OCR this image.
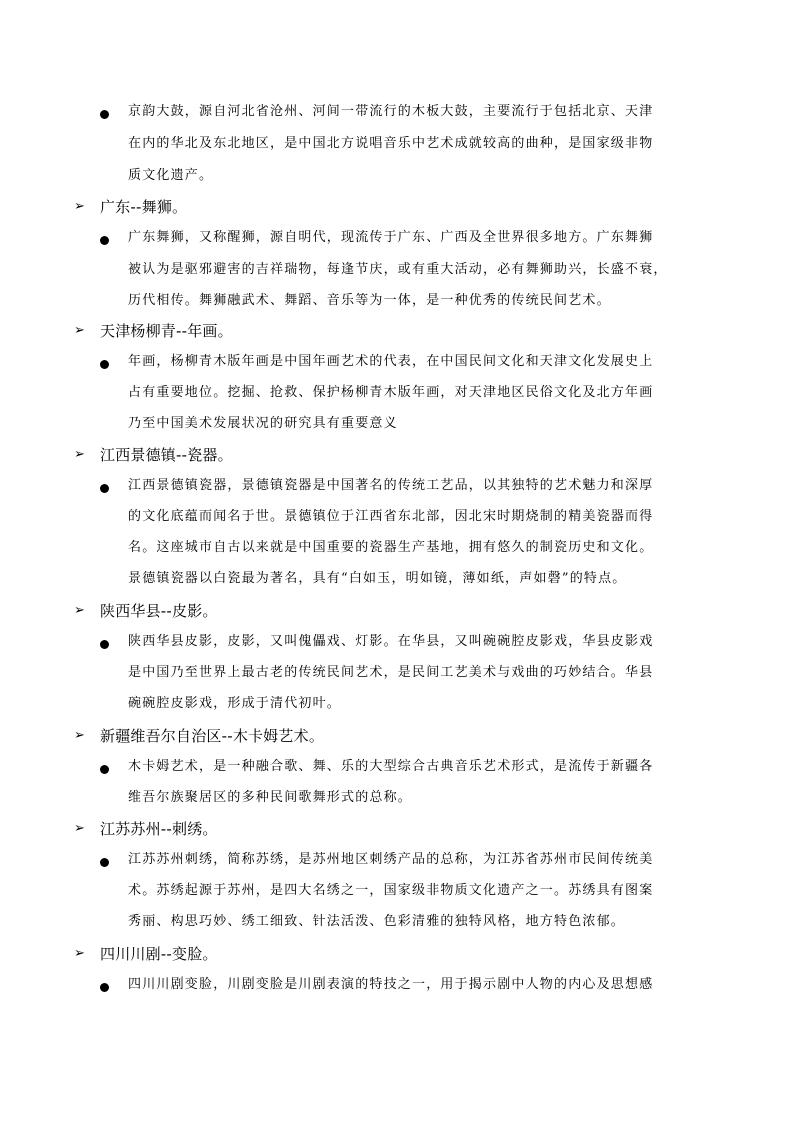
京韵大鼓，源自河北省沧州、河间一带流行的木板大鼓，主要流行于包括北京、天津
在内的华北及东北地区，是中国北方说唱音乐中艺术成就较高的曲种，是国家级非物
质文化遗产。
➢ 广东--舞狮。
广东舞狮，又称醒狮，源自明代，现流传于广东、广西及全世界很多地方。广东舞狮
被认为是驱邪避害的吉祥瑞物，每逢节庆，或有重大活动，必有舞狮助兴，长盛不衰，
历代相传。舞狮融武术、舞蹈、音乐等为一体，是一种优秀的传统民间艺术。
➢ 天津杨柳青--年画。
年画，杨柳青木版年画是中国年画艺术的代表，在中国民间文化和天津文化发展史上
占有重要地位。挖掘、抢救、保护杨柳青木版年画，对天津地区民俗文化及北方年画
乃至中国美术发展状况的研究具有重要意义
➢ 江西景德镇--瓷器。
江西景德镇瓷器，景德镇瓷器是中国著名的传统工艺品，以其独特的艺术魅力和深厚
的文化底蕴而闻名于世。景德镇位于江西省东北部，因北宋时期烧制的精美瓷器而得
名。这座城市自古以来就是中国重要的瓷器生产基地，拥有悠久的制瓷历史和文化。
景德镇瓷器以白瓷最为著名，具有“白如玉，明如镜，薄如纸，声如磬”的特点。
➢ 陕西华县--皮影。
陕西华县皮影，皮影，又叫傀儡戏、灯影。在华县，又叫碗碗腔皮影戏，华县皮影戏
是中国乃至世界上最古老的传统民间艺术，是民间工艺美术与戏曲的巧妙结合。华县
碗碗腔皮影戏，形成于清代初叶。
➢ 新疆维吾尔自治区--木卡姆艺术。
木卡姆艺术，是一种融合歌、舞、乐的大型综合古典音乐艺术形式，是流传于新疆各
维吾尔族聚居区的多种民间歌舞形式的总称。
➢ 江苏苏州--刺绣。
江苏苏州刺绣，简称苏绣，是苏州地区刺绣产品的总称，为江苏省苏州市民间传统美
术。苏绣起源于苏州，是四大名绣之一，国家级非物质文化遗产之一。苏绣具有图案
秀丽、构思巧妙、绣工细致、针法活泼、色彩清雅的独特风格，地方特色浓郁。
➢ 四川川剧--变脸。
四川川剧变脸，川剧变脸是川剧表演的特技之一，用于揭示剧中人物的内心及思想感
